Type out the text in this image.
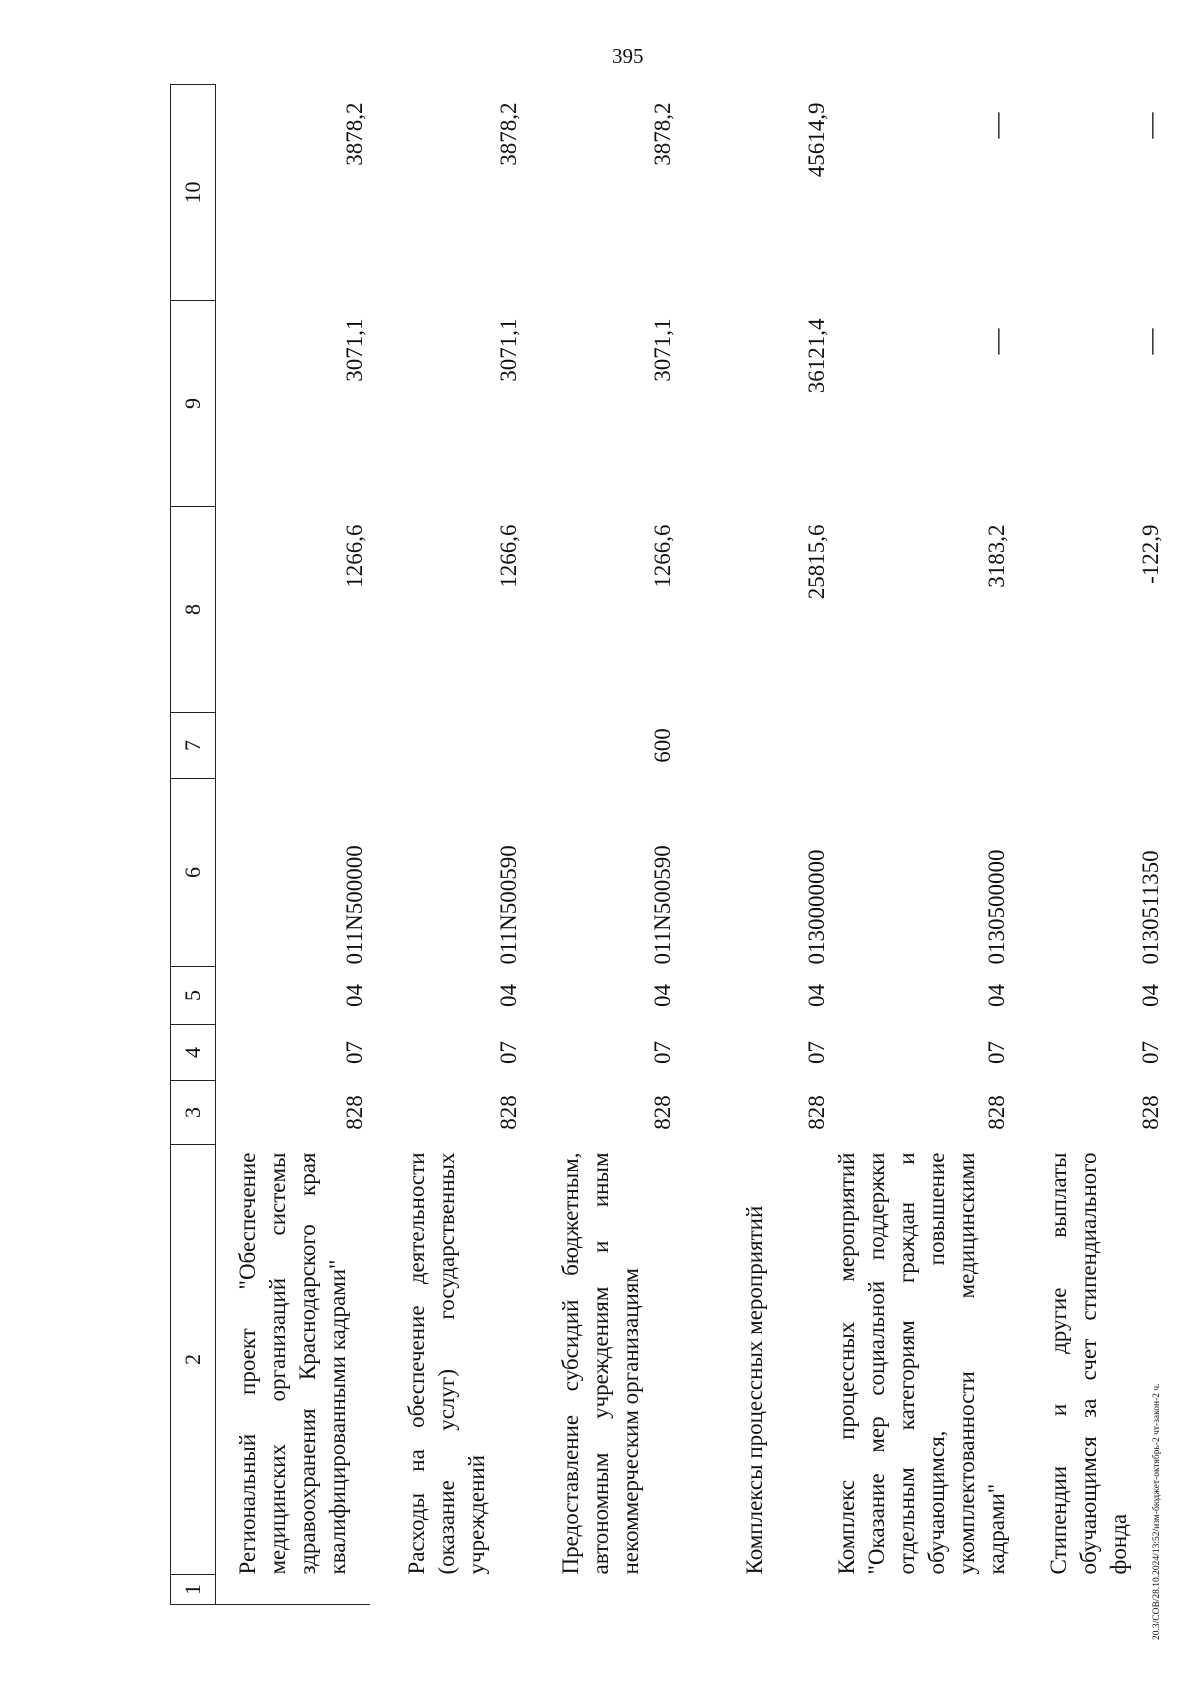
395
20.3/СОВ/28.10.2024/13:52/изм-бюджет-октябрь-2 чт-закон-2 ч.
1	2	3	4	5	6	7	8	9	10
	Региональный проект "Обеспечение медицинских организаций системы здравоохранения Краснодарского края квалифицированными кадрами"	828	07	04	011N500000		1266,6	3071,1	3878,2
	Расходы на обеспечение деятельности (оказание услуг) государственных учреждений	828	07	04	011N500590		1266,6	3071,1	3878,2
	Предоставление субсидий бюджетным, автономным учреждениям и иным некоммерческим организациям	828	07	04	011N500590	600	1266,6	3071,1	3878,2
	Комплексы процессных мероприятий	828	07	04	0130000000		25815,6	36121,4	45614,9
	Комплекс процессных мероприятий "Оказание мер социальной поддержки отдельным категориям граждан и обучающимся, повышение укомплектованности медицинскими кадрами"	828	07	04	0130500000		3183,2	—	—
	Стипендии и другие выплаты обучающимся за счет стипендиального фонда	828	07	04	0130511350		-122,9	—	—
